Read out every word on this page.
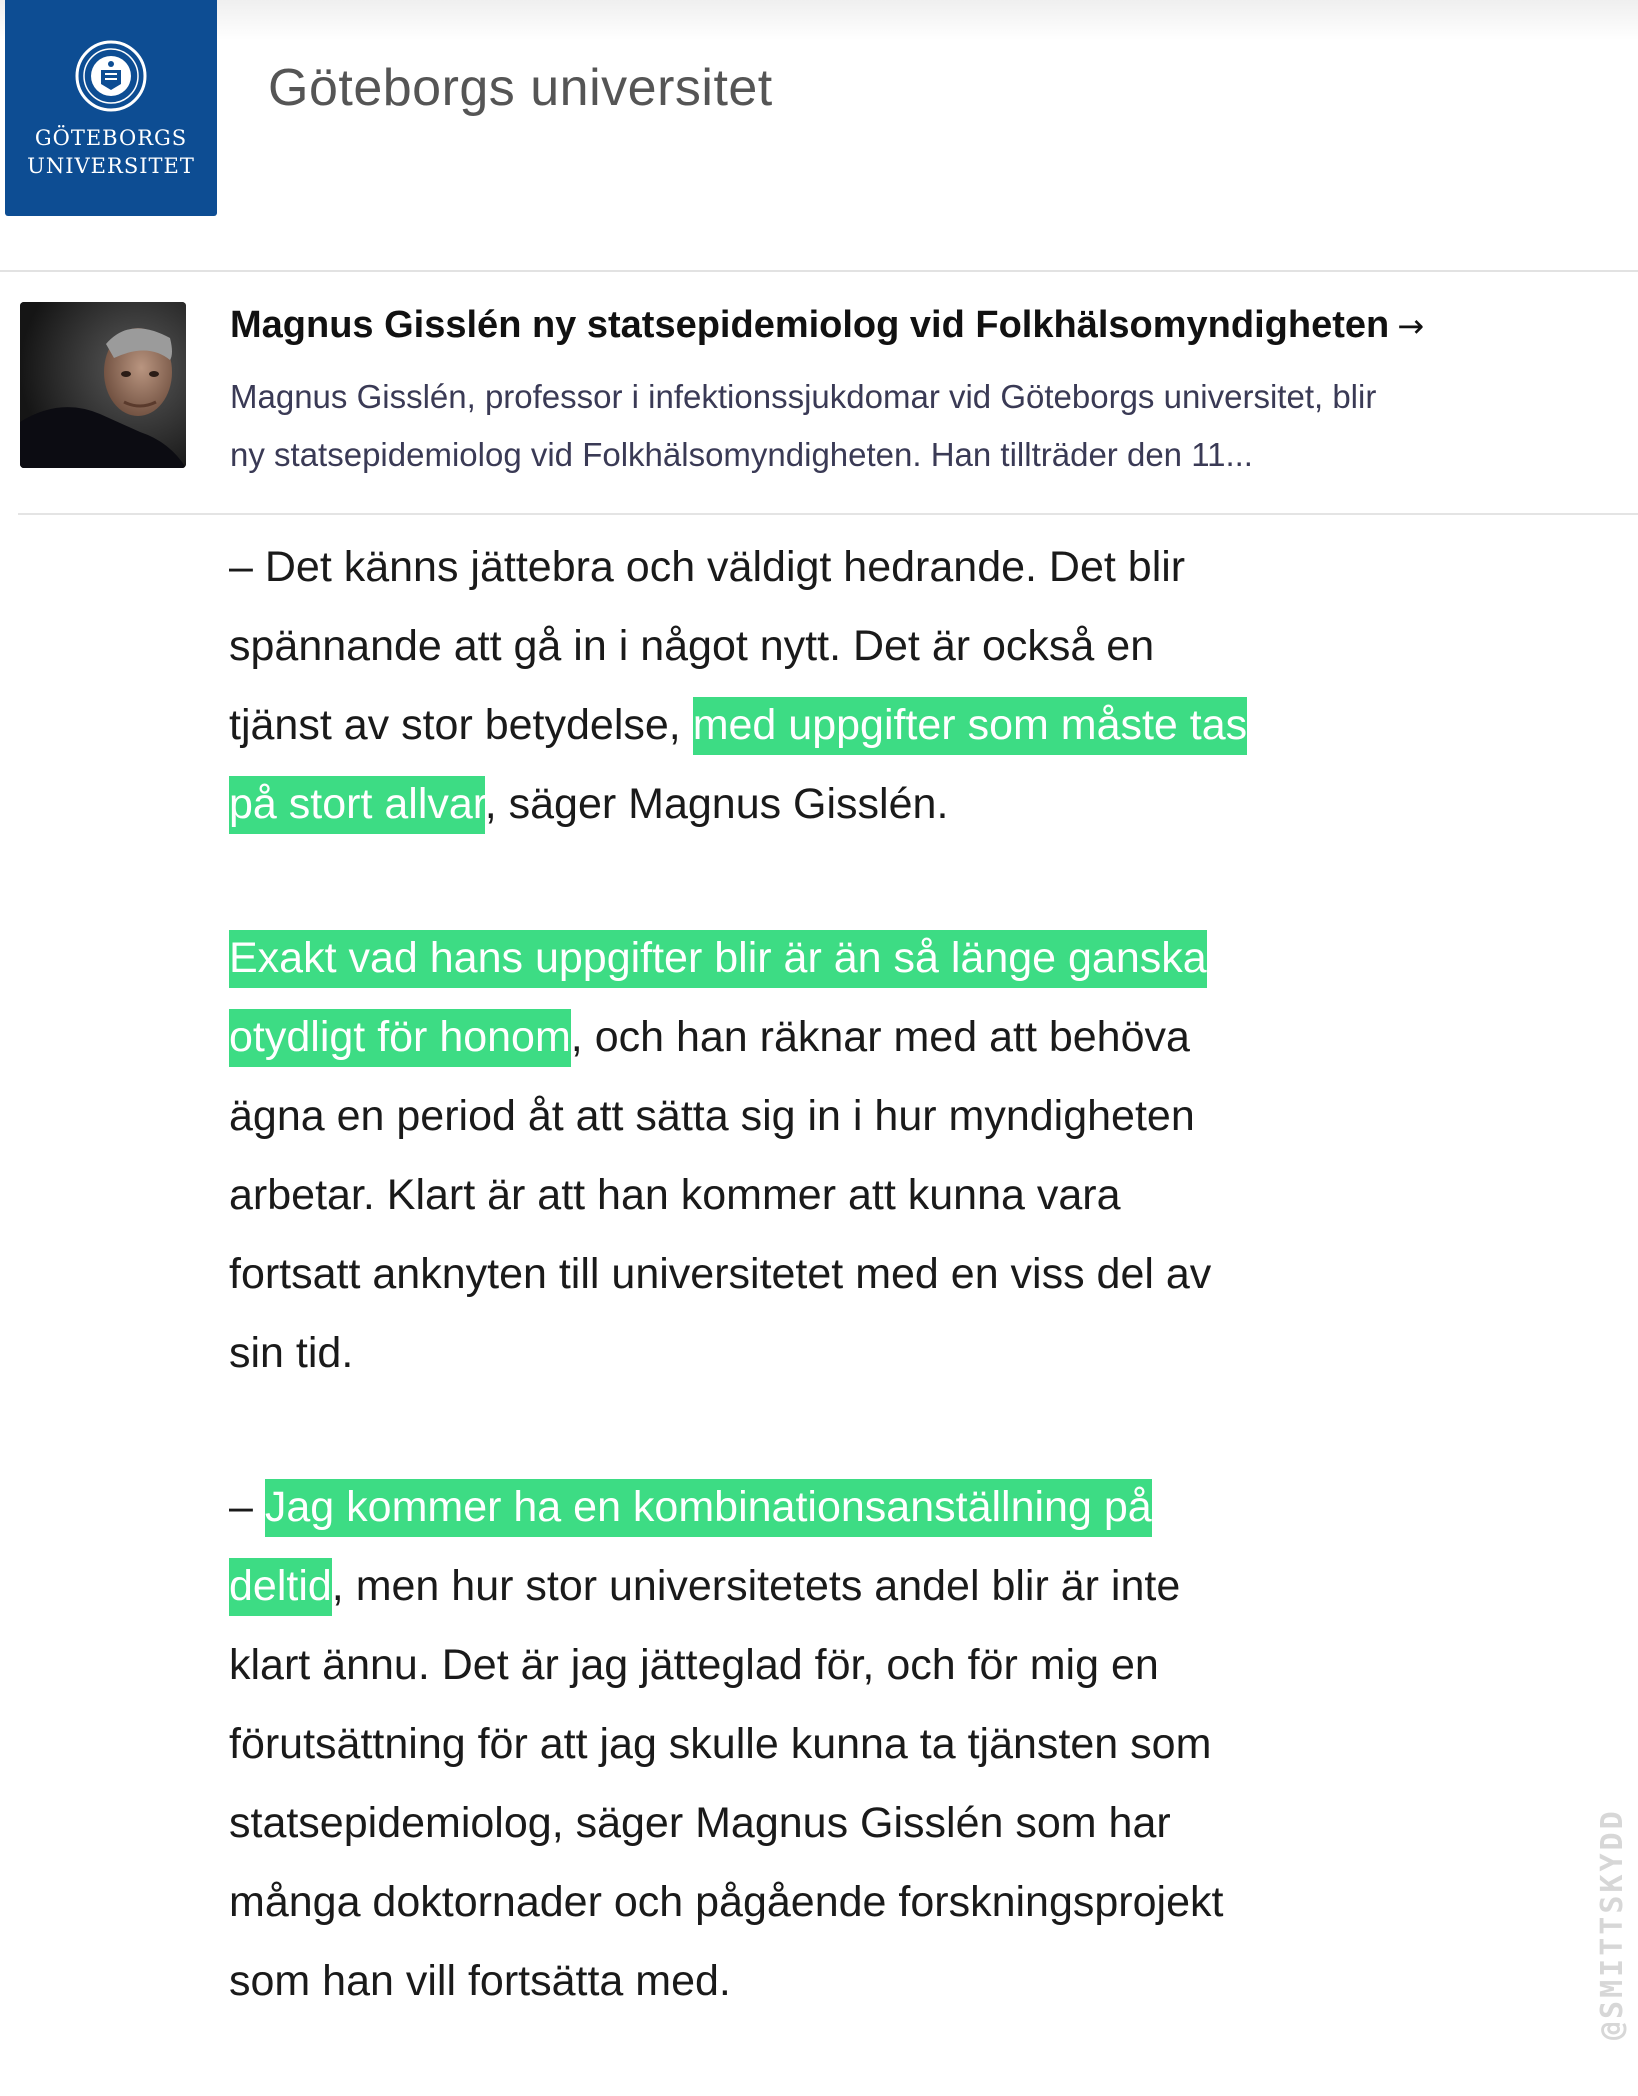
GÖTEBORGS
UNIVERSITET
Göteborgs universitet
Magnus Gisslén ny statsepidemiolog vid Folkhälsomyndigheten →
Magnus Gisslén, professor i infektionssjukdomar vid Göteborgs universitet, blir
ny statsepidemiolog vid Folkhälsomyndigheten. Han tillträder den 11...

– Det känns jättebra och väldigt hedrande. Det blir
spännande att gå in i något nytt. Det är också en
tjänst av stor betydelse, med uppgifter som måste tas
på stort allvar, säger Magnus Gisslén.

Exakt vad hans uppgifter blir är än så länge ganska
otydligt för honom, och han räknar med att behöva
ägna en period åt att sätta sig in i hur myndigheten
arbetar. Klart är att han kommer att kunna vara
fortsatt anknyten till universitetet med en viss del av
sin tid.

– Jag kommer ha en kombinationsanställning på
deltid, men hur stor universitetets andel blir är inte
klart ännu. Det är jag jätteglad för, och för mig en
förutsättning för att jag skulle kunna ta tjänsten som
statsepidemiolog, säger Magnus Gisslén som har
många doktornader och pågående forskningsprojekt
som han vill fortsätta med.	@SMITTSKYDD
